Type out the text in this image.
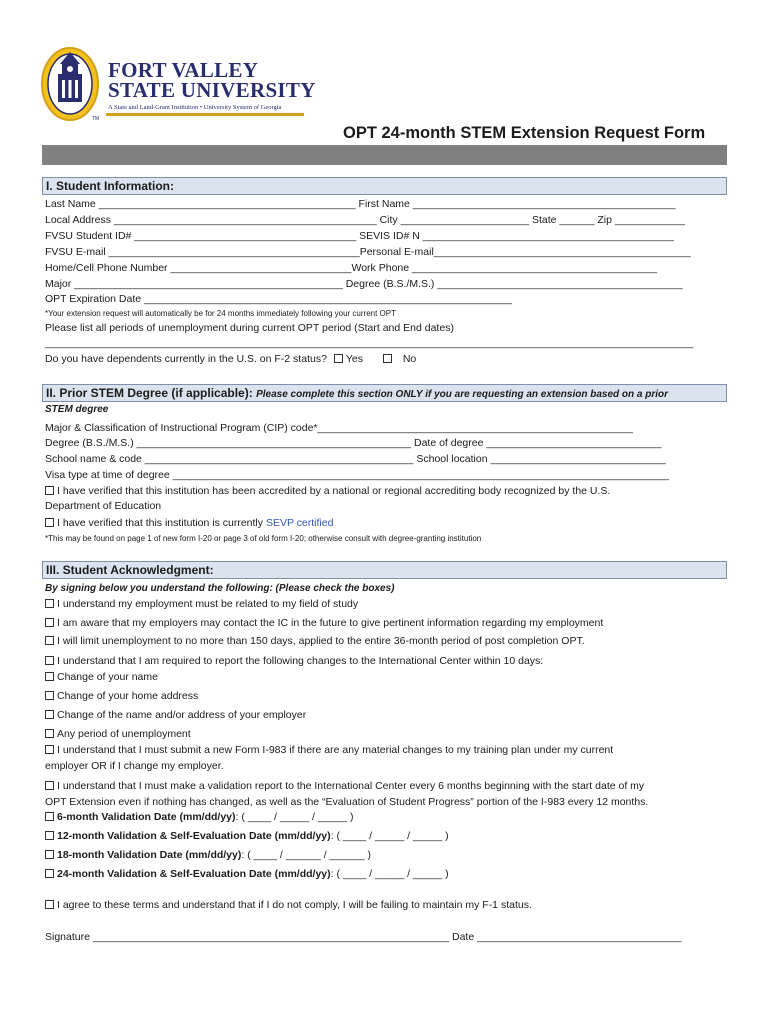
TM
FORT VALLEY
STATE UNIVERSITY
A State and Land-Grant Institution • University System of Georgia
OPT 24-month STEM Extension Request Form
I. Student Information:
Last Name ____________________________________________ First Name _____________________________________________
Local Address _____________________________________________ City ______________________ State ______ Zip ____________
FVSU Student ID# ______________________________________ SEVIS ID# N ___________________________________________
FVSU E-mail ___________________________________________Personal E-mail____________________________________________
Home/Cell Phone Number _______________________________Work Phone __________________________________________
Major ______________________________________________ Degree (B.S./M.S.) __________________________________________
OPT Expiration Date _______________________________________________________________
*Your extension request will automatically be for 24 months immediately following your current OPT
Please list all periods of unemployment during current OPT period (Start and End dates)
_______________________________________________________________________________________________________________
Do you have dependents currently in the U.S. on F-2 status? Yes	No
II. Prior STEM Degree (if applicable): Please complete this section ONLY if you are requesting an extension based on a prior
STEM degree
Major & Classification of Instructional Program (CIP) code*______________________________________________________
Degree (B.S./M.S.) _______________________________________________ Date of degree ______________________________
School name & code ______________________________________________ School location ______________________________
Visa type at time of degree _____________________________________________________________________________________
I have verified that this institution has been accredited by a national or regional accrediting body recognized by the U.S.
Department of Education
I have verified that this institution is currently SEVP certified
*This may be found on page 1 of new form I-20 or page 3 of old form I-20; otherwise consult with degree-granting institution
III. Student Acknowledgment:
By signing below you understand the following: (Please check the boxes)
I understand my employment must be related to my field of study
I am aware that my employers may contact the IC in the future to give pertinent information regarding my employment
I will limit unemployment to no more than 150 days, applied to the entire 36-month period of post completion OPT.
I understand that I am required to report the following changes to the International Center within 10 days:
Change of your name
Change of your home address
Change of the name and/or address of your employer
Any period of unemployment
I understand that I must submit a new Form I-983 if there are any material changes to my training plan under my current
employer OR if I change my employer.
I understand that I must make a validation report to the International Center every 6 months beginning with the start date of my
OPT Extension even if nothing has changed, as well as the “Evaluation of Student Progress” portion of the I-983 every 12 months.
6-month Validation Date (mm/dd/yy): ( ____ / _____ / _____ )
12-month Validation & Self-Evaluation Date (mm/dd/yy): ( ____ / _____ / _____ )
18-month Validation Date (mm/dd/yy): ( ____ / ______ / ______ )
24-month Validation & Self-Evaluation Date (mm/dd/yy): ( ____ / _____ / _____ )
I agree to these terms and understand that if I do not comply, I will be failing to maintain my F-1 status.
Signature _____________________________________________________________ Date ___________________________________
